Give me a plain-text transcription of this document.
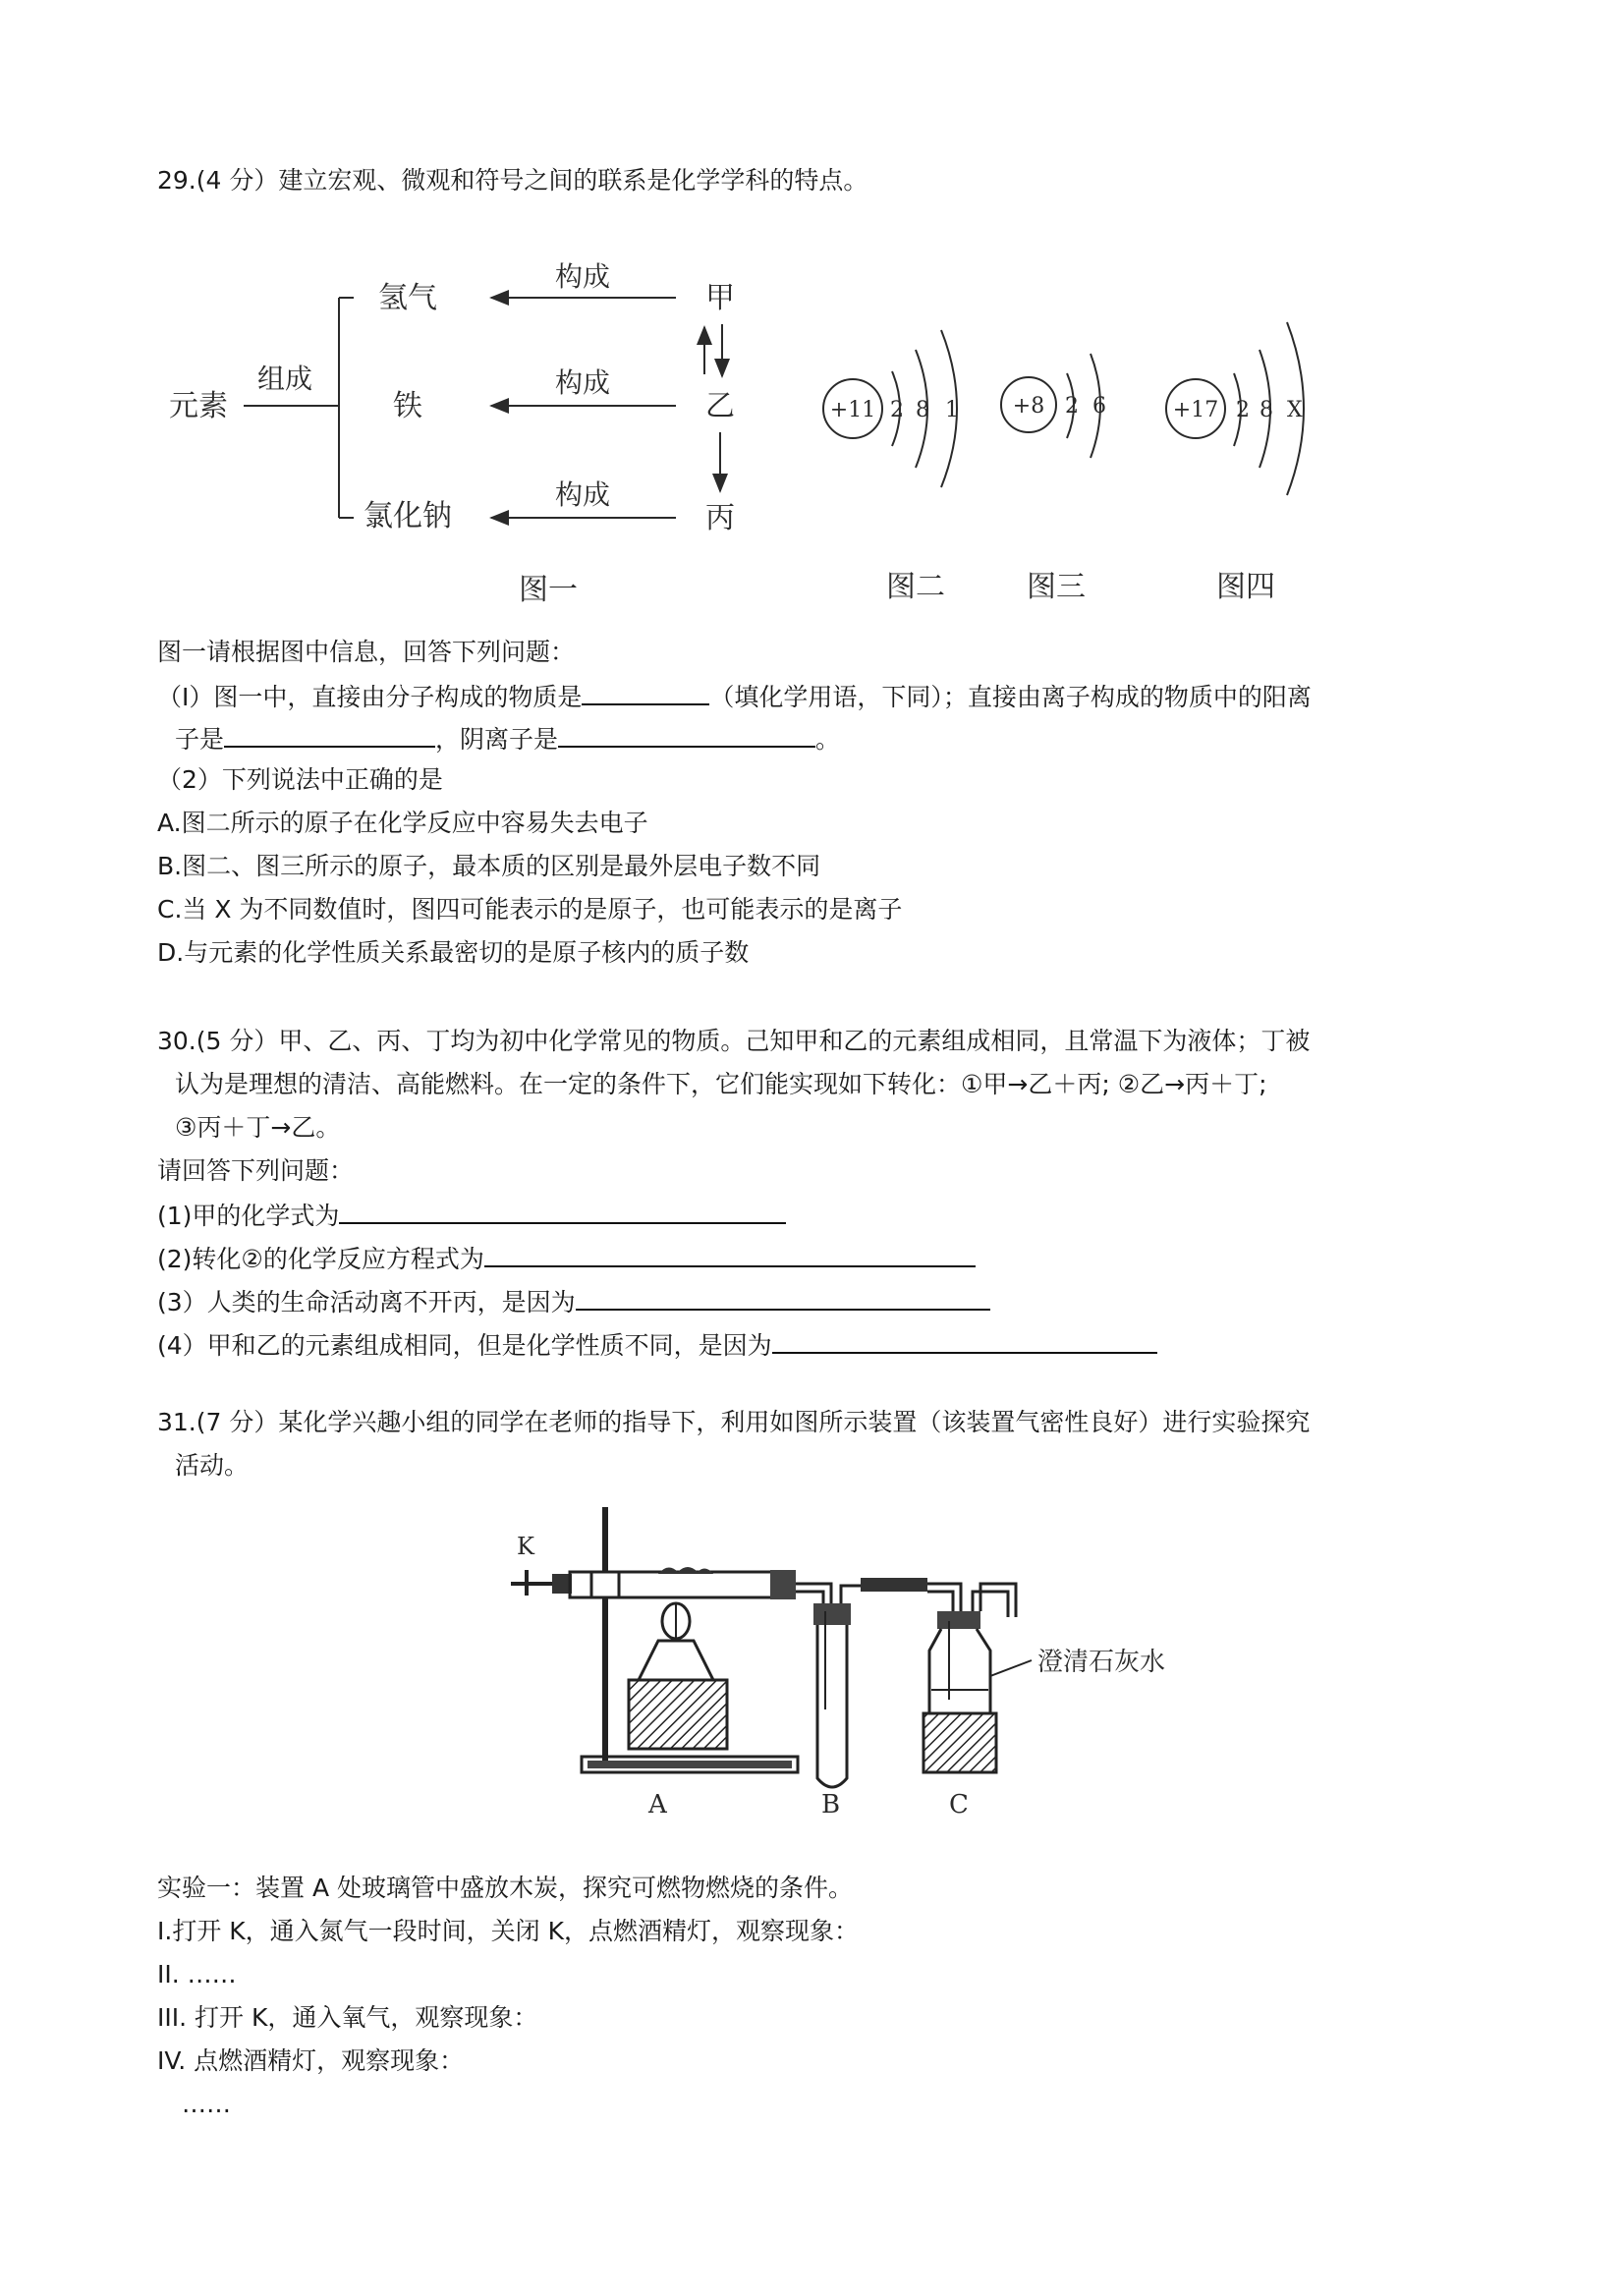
29.(4 分）建立宏观、微观和符号之间的联系是化学学科的特点。
元素
组成
氢气
铁
氯化钠
构成
构成
构成
甲
乙
丙
图一
+11 2 8 1
图二
+8 2 6
图三
+17 2 8 X
图四
图一请根据图中信息，回答下列问题：
（I）图一中，直接由分子构成的物质是	（填化学用语，下同）；直接由离子构成的物质中的阳离
子是	，阴离子是	。
（2）下列说法中正确的是
A.图二所示的原子在化学反应中容易失去电子
B.图二、图三所示的原子，最本质的区别是最外层电子数不同
C.当 X 为不同数值时，图四可能表示的是原子，也可能表示的是离子
D.与元素的化学性质关系最密切的是原子核内的质子数
30.(5 分）甲、乙、丙、丁均为初中化学常见的物质。己知甲和乙的元素组成相同，且常温下为液体；丁被
认为是理想的清洁、高能燃料。在一定的条件下，它们能实现如下转化：①甲→乙＋丙; ②乙→丙＋丁;
③丙＋丁→乙。
请回答下列问题：
(1)甲的化学式为
(2)转化②的化学反应方程式为
(3）人类的生命活动离不开丙，是因为
(4）甲和乙的元素组成相同，但是化学性质不同，是因为
31.(7 分）某化学兴趣小组的同学在老师的指导下，利用如图所示装置（该装置气密性良好）进行实验探究
活动。
K
A	B
澄清石灰水
C
实验一：装置 A 处玻璃管中盛放木炭，探究可燃物燃烧的条件。
I.打开 K，通入氮气一段时间，关闭 K，点燃酒精灯，观察现象：
II. ……
III. 打开 K，通入氧气，观察现象：
IV. 点燃酒精灯，观察现象：
……
